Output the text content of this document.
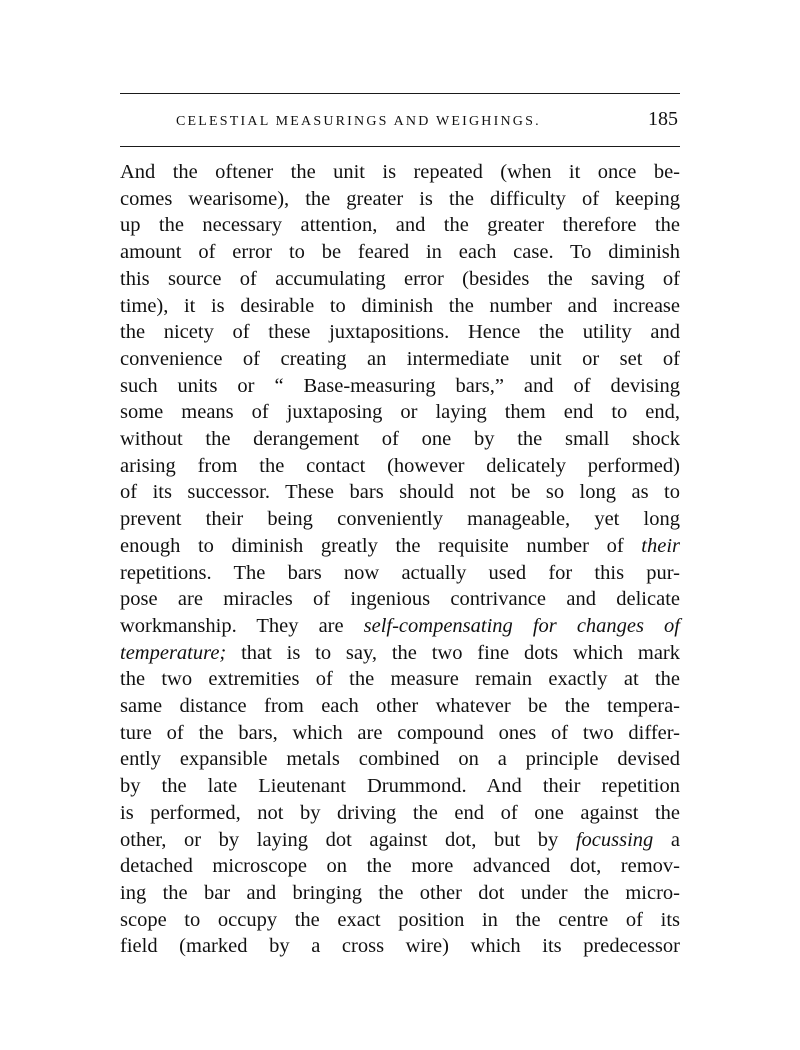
CELESTIAL MEASURINGS AND WEIGHINGS.	185
And the oftener the unit is repeated (when it once be-
comes wearisome), the greater is the difficulty of keeping
up the necessary attention, and the greater therefore the
amount of error to be feared in each case. To diminish
this source of accumulating error (besides the saving of
time), it is desirable to diminish the number and increase
the nicety of these juxtapositions. Hence the utility and
convenience of creating an intermediate unit or set of
such units or “ Base-measuring bars,” and of devising
some means of juxtaposing or laying them end to end,
without the derangement of one by the small shock
arising from the contact (however delicately performed)
of its successor. These bars should not be so long as to
prevent their being conveniently manageable, yet long
enough to diminish greatly the requisite number of their
repetitions. The bars now actually used for this pur-
pose are miracles of ingenious contrivance and delicate
workmanship. They are self-compensating for changes of
temperature; that is to say, the two fine dots which mark
the two extremities of the measure remain exactly at the
same distance from each other whatever be the tempera-
ture of the bars, which are compound ones of two differ-
ently expansible metals combined on a principle devised
by the late Lieutenant Drummond. And their repetition
is performed, not by driving the end of one against the
other, or by laying dot against dot, but by focussing a
detached microscope on the more advanced dot, remov-
ing the bar and bringing the other dot under the micro-
scope to occupy the exact position in the centre of its
field (marked by a cross wire) which its predecessor
